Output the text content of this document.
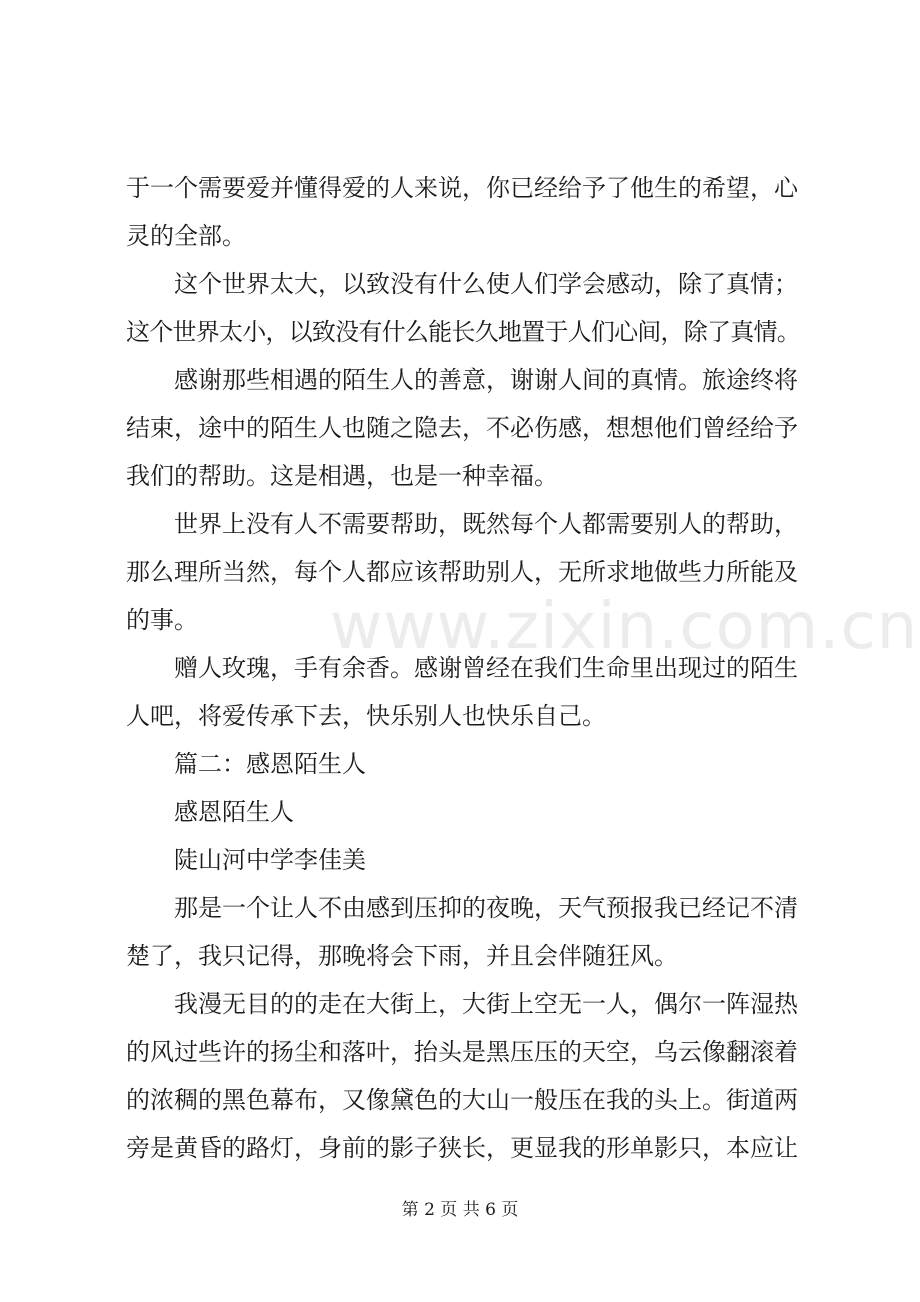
www.zixin.com.cn
于一个需要爱并懂得爱的人来说，你已经给予了他生的希望，心
灵的全部。
这个世界太大，以致没有什么使人们学会感动，除了真情；
这个世界太小，以致没有什么能长久地置于人们心间，除了真情。
感谢那些相遇的陌生人的善意，谢谢人间的真情。旅途终将
结束，途中的陌生人也随之隐去，不必伤感，想想他们曾经给予
我们的帮助。这是相遇，也是一种幸福。
世界上没有人不需要帮助，既然每个人都需要别人的帮助，
那么理所当然，每个人都应该帮助别人，无所求地做些力所能及
的事。
赠人玫瑰，手有余香。感谢曾经在我们生命里出现过的陌生
人吧，将爱传承下去，快乐别人也快乐自己。
篇二：感恩陌生人
感恩陌生人
陡山河中学李佳美
那是一个让人不由感到压抑的夜晚，天气预报我已经记不清
楚了，我只记得，那晚将会下雨，并且会伴随狂风。
我漫无目的的走在大街上，大街上空无一人，偶尔一阵湿热
的风过些许的扬尘和落叶，抬头是黑压压的天空，乌云像翻滚着
的浓稠的黑色幕布，又像黛色的大山一般压在我的头上。街道两
旁是黄昏的路灯，身前的影子狭长，更显我的形单影只，本应让
第 2 页 共 6 页
